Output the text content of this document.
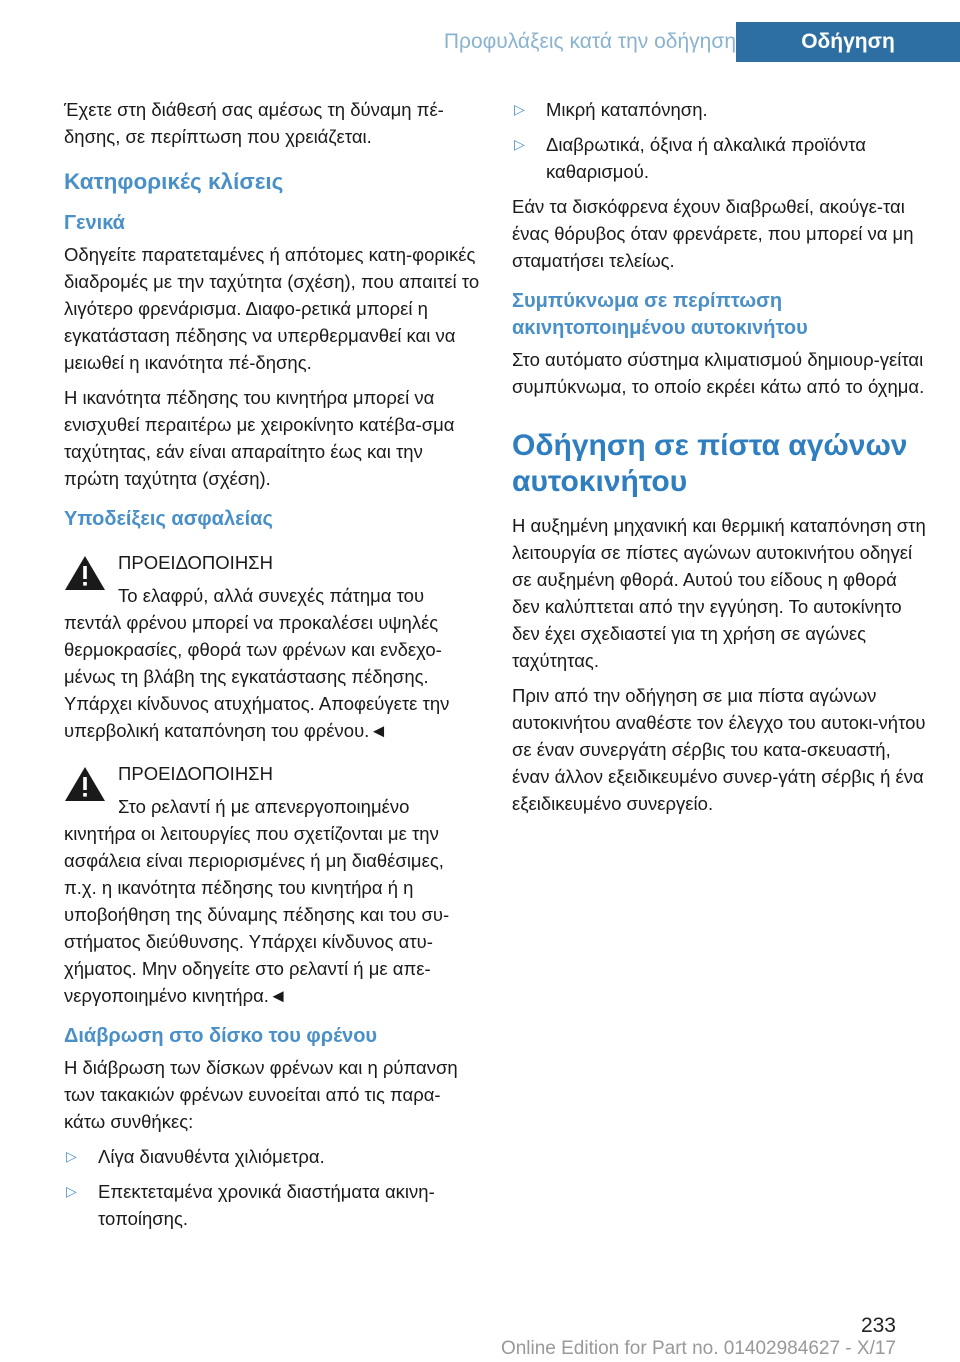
Προφυλάξεις κατά την οδήγηση	Οδήγηση

Έχετε στη διάθεσή σας αμέσως τη δύναμη πέ-δησης, σε περίπτωση που χρειάζεται.

Κατηφορικές κλίσεις
Γενικά

Οδηγείτε παρατεταμένες ή απότομες κατη-φορικές διαδρομές με την ταχύτητα (σχέση), που απαιτεί το λιγότερο φρενάρισμα. Διαφο-ρετικά μπορεί η εγκατάσταση πέδησης να υπερθερμανθεί και να μειωθεί η ικανότητα πέ-δησης.

Η ικανότητα πέδησης του κινητήρα μπορεί να ενισχυθεί περαιτέρω με χειροκίνητο κατέβα-σμα ταχύτητας, εάν είναι απαραίτητο έως και την πρώτη ταχύτητα (σχέση).

Υποδείξεις ασφαλείας

ΠΡΟΕΙΔΟΠΟΙΗΣΗ

Το ελαφρύ, αλλά συνεχές πάτημα του πεντάλ φρένου μπορεί να προκαλέσει υψηλές θερμοκρασίες, φθορά των φρένων και ενδεχο-μένως τη βλάβη της εγκατάστασης πέδησης. Υπάρχει κίνδυνος ατυχήματος. Αποφεύγετε την υπερβολική καταπόνηση του φρένου.◄

ΠΡΟΕΙΔΟΠΟΙΗΣΗ

Στο ρελαντί ή με απενεργοποιημένο κινητήρα οι λειτουργίες που σχετίζονται με την ασφάλεια είναι περιορισμένες ή μη διαθέσιμες, π.χ. η ικανότητα πέδησης του κινητήρα ή η υποβοήθηση της δύναμης πέδησης και του συ-στήματος διεύθυνσης. Υπάρχει κίνδυνος ατυ-χήματος. Μην οδηγείτε στο ρελαντί ή με απε-νεργοποιημένο κινητήρα.◄

Διάβρωση στο δίσκο του φρένου

Η διάβρωση των δίσκων φρένων και η ρύπανση των τακακιών φρένων ευνοείται από τις παρα-κάτω συνθήκες:

▷ Λίγα διανυθέντα χιλιόμετρα.
▷ Επεκτεταμένα χρονικά διαστήματα ακινη-τοποίησης.
▷ Μικρή καταπόνηση.
▷ Διαβρωτικά, όξινα ή αλκαλικά προϊόντα καθαρισμού.

Εάν τα δισκόφρενα έχουν διαβρωθεί, ακούγε-ται ένας θόρυβος όταν φρενάρετε, που μπορεί να μη σταματήσει τελείως.

Συμπύκνωμα σε περίπτωση ακινητοποιημένου αυτοκινήτου

Στο αυτόματο σύστημα κλιματισμού δημιουρ-γείται συμπύκνωμα, το οποίο εκρέει κάτω από το όχημα.

Οδήγηση σε πίστα αγώνων αυτοκινήτου

Η αυξημένη μηχανική και θερμική καταπόνηση στη λειτουργία σε πίστες αγώνων αυτοκινήτου οδηγεί σε αυξημένη φθορά. Αυτού του είδους η φθορά δεν καλύπτεται από την εγγύηση. Το αυτοκίνητο δεν έχει σχεδιαστεί για τη χρήση σε αγώνες ταχύτητας.

Πριν από την οδήγηση σε μια πίστα αγώνων αυτοκινήτου αναθέστε τον έλεγχο του αυτοκι-νήτου σε έναν συνεργάτη σέρβις του κατα-σκευαστή, έναν άλλον εξειδικευμένο συνερ-γάτη σέρβις ή ένα εξειδικευμένο συνεργείο.

233
Online Edition for Part no. 01402984627 - X/17
